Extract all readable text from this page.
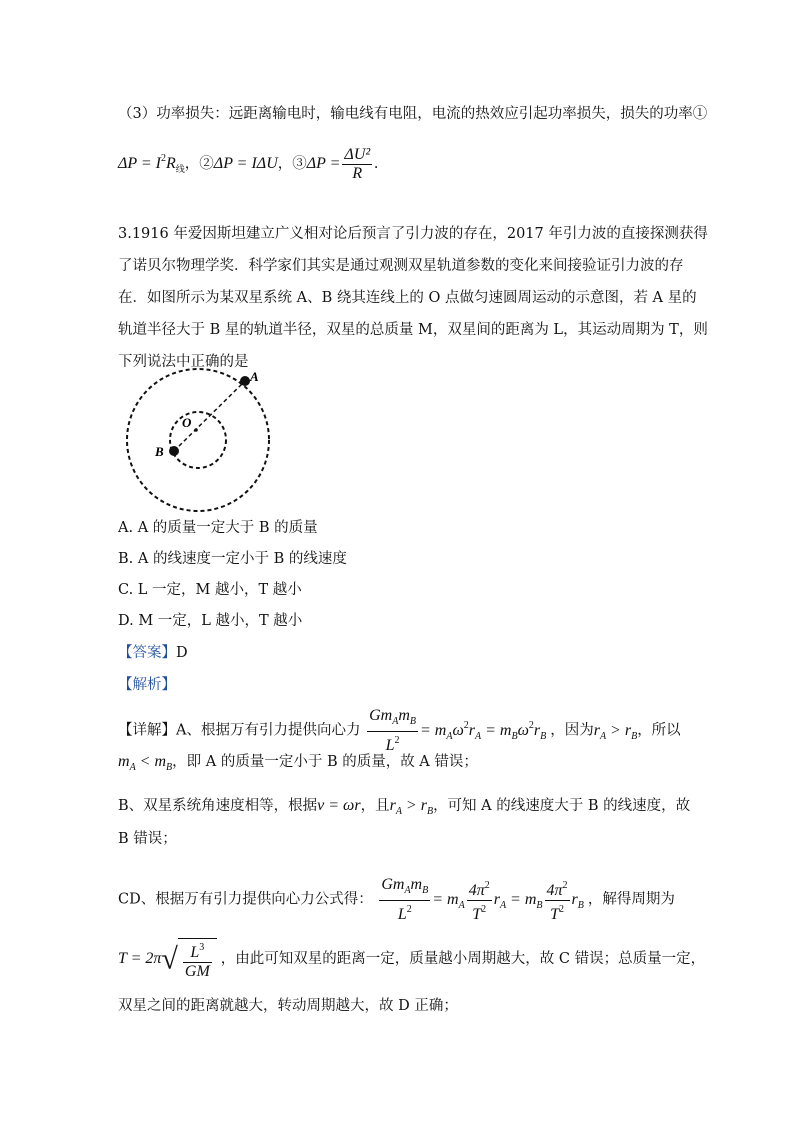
（3）功率损失：远距离输电时，输电线有电阻，电流的热效应引起功率损失，损失的功率①
$\Delta P = I^2R_线$，②ΔP = IΔU，③ΔP = $\frac{\text{ΔU²}}{R}$ .
3.1916 年爱因斯坦建立广义相对论后预言了引力波的存在，2017 年引力波的直接探测获得
了诺贝尔物理学奖．科学家们其实是通过观测双星轨道参数的变化来间接验证引力波的存
在．如图所示为某双星系统 A、B 绕其连线上的 O 点做匀速圆周运动的示意图，若 A 星的
轨道半径大于 B 星的轨道半径，双星的总质量 M，双星间的距离为 L，其运动周期为 T，则
下列说法中正确的是
A
B
O
A. A 的质量一定大于 B 的质量
B. A 的线速度一定小于 B 的线速度
C. L 一定，M 越小，T 越小
D. M 一定，L 越小，T 越小
【答案】D
【解析】
【详解】A、根据万有引力提供向心力 $\frac{Gm_Am_B}{L^2} = m_A\omega^2r_A = m_B\omega^2r_B$ ，因为$r_A > r_B$，所以
$m_A < m_B$，即 A 的质量一定小于 B 的质量，故 A 错误；
B、双星系统角速度相等，根据v = ωr，且$r_A > r_B$，可知 A 的线速度大于 B 的线速度，故
B 错误；
CD、根据万有引力提供向心力公式得： $\frac{Gm_Am_B}{L^2} = m_A \frac{4\pi^2}{T^2} r_A = m_B \frac{4\pi^2}{T^2} r_B$ ，解得周期为
$T = 2\pi√ \frac{L^3}{GM}$ ，由此可知双星的距离一定，质量越小周期越大，故 C 错误；总质量一定，
双星之间的距离就越大，转动周期越大，故 D 正确；
